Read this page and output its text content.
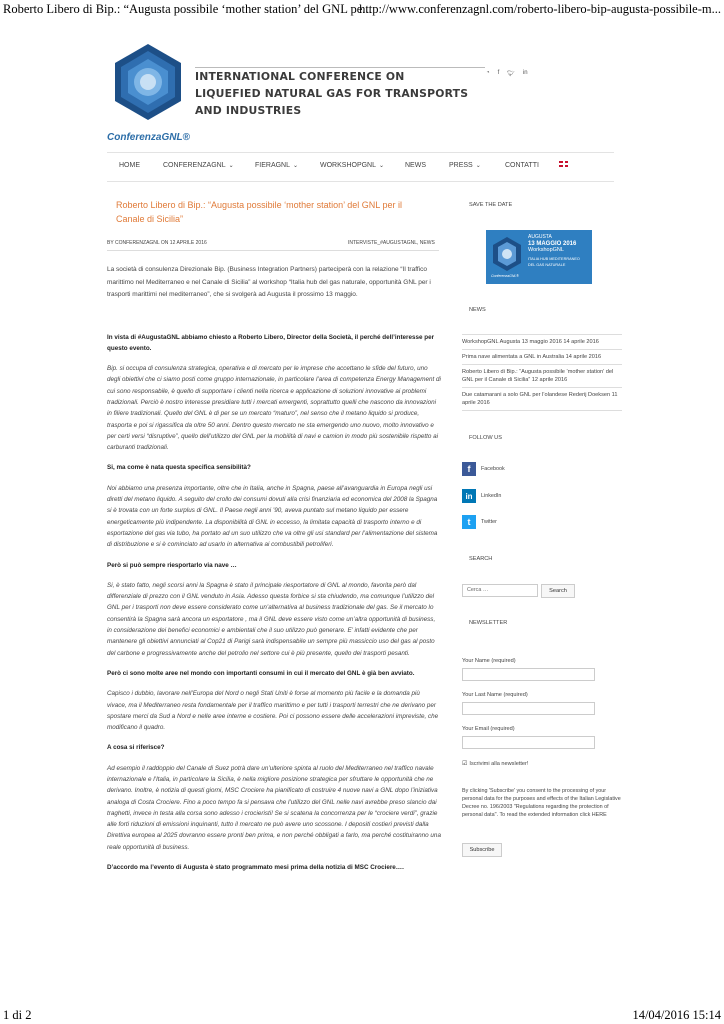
Roberto Libero di Bip.: “Augusta possibile ‘mother station’ del GNL pe...
http://www.conferenzagnl.com/roberto-libero-bip-augusta-possibile-m...
ConferenzaGNL®
INTERNATIONAL CONFERENCE ON
LIQUEFIED NATURAL GAS FOR TRANSPORTS AND INDUSTRIES
◔ f 🐦︎ in
HOME	CONFERENZAGNL ⌄	FIERAGNL ⌄	WORKSHOPGNL ⌄	NEWS	PRESS ⌄	CONTATTI
Roberto Libero di Bip.: “Augusta possibile ‘mother station’ del GNL per il Canale di Sicilia”
BY CONFERENZAGNL ON 12 APRILE 2016	INTERVISTE_#AUGUSTAGNL, NEWS

La società di consulenza Direzionale Bip. (Business Integration Partners) parteciperà con la relazione “Il traffico marittimo nel Mediterraneo e nel Canale di Sicilia” al workshop “Italia hub del gas naturale, opportunità GNL per i trasporti marittimi nel mediterraneo”, che si svolgerà ad Augusta il prossimo 13 maggio.

In vista di #AugustaGNL abbiamo chiesto a Roberto Libero, Director della Società, il perché dell’interesse per questo evento.

Bip. si occupa di consulenza strategica, operativa e di mercato per le imprese che accettano le sfide del futuro, uno degli obiettivi che ci siamo posti come gruppo internazionale, in particolare l’area di competenza Energy Management di cui sono responsabile, è quello di supportare i clienti nella ricerca e applicazione di soluzioni innovative ai problemi tradizionali. Perciò è nostro interesse presidiare tutti i mercati emergenti, soprattutto quelli che nascono da innovazioni in filiere tradizionali. Quello del GNL è di per se un mercato “maturo”, nel senso che il metano liquido si produce, trasporta e poi si rigassifica da oltre 50 anni. Dentro questo mercato ne sta emergendo uno nuovo, molto innovativo e per certi versi “disruptive”, quello dell’utilizzo del GNL per la mobilità di navi e camion in modo più sostenibile rispetto ai carburanti tradizionali.

Si, ma come è nata questa specifica sensibilità?

Noi abbiamo una presenza importante, oltre che in Italia, anche in Spagna, paese all’avanguardia in Europa negli usi diretti del metano liquido. A seguito del crollo dei consumi dovuti alla crisi finanziaria ed economica del 2008 la Spagna si è trovata con un forte surplus di GNL. Il Paese negli anni ’90, aveva puntato sul metano liquido per essere energeticamente più indipendente. La disponibilità di GNL in eccesso, la limitata capacità di trasporto interno e di esportazione del gas via tubo, ha portato ad un suo utilizzo che va oltre gli usi standard per l’alimentazione del sistema di distribuzione e si è cominciato ad usarlo in alternativa ai combustibili petroliferi.

Però si può sempre riesportarlo via nave …

Si, è stato fatto, negli scorsi anni la Spagna è stato il principale riesportatore di GNL al mondo, favorita però dal differenziale di prezzo con il GNL venduto in Asia. Adesso questa forbice si sta chiudendo, ma comunque l’utilizzo del GNL per i trasporti non deve essere considerato come un’alternativa al business tradizionale del gas. Se il mercato lo consentirà la Spagna sarà ancora un esportatore , ma il GNL deve essere visto come un’altra opportunità di business, in considerazione dei benefici economici e ambientali che il suo utilizzo può generare. E’ infatti evidente che per mantenere gli obiettivi annunciati al Cop21 di Parigi sarà indispensabile un sempre più massiccio uso del gas al posto del carbone e progressivamente anche del petrolio nel settore cui è più presente, quello dei trasporti pesanti.

Però ci sono molte aree nel mondo con importanti consumi in cui il mercato del GNL è già ben avviato.

Capisco i dubbio, lavorare nell’Europa del Nord o negli Stati Uniti è forse al momento più facile e la domanda più vivace, ma il Mediterraneo resta fondamentale per il traffico marittimo e per tutti i trasporti terrestri che ne derivano per spostare merci da Sud a Nord e nelle aree interne e costiere. Poi ci possono essere delle accelerazioni impreviste, che modificano il quadro.

A cosa si riferisce?

Ad esempio il raddoppio del Canale di Suez potrà dare un’ulteriore spinta al ruolo del Mediterraneo nel traffico navale internazionale e l’Italia, in particolare la Sicilia, è nella migliore posizione strategica per sfruttare le opportunità che ne derivano. Inoltre, è notizia di questi giorni, MSC Crociere ha pianificato di costruire 4 nuove navi a GNL dopo l’iniziativa analoga di Costa Crociere. Fino a poco tempo fa si pensava che l’utilizzo del GNL nelle navi avrebbe preso slancio dai traghetti, invece in testa alla corsa sono adesso i crocieristi! Se si scatena la concorrenza per le “crociere verdi”, grazie alle forti riduzioni di emissioni inquinanti, tutto il mercato ne può avere uno scossone. I depositi costieri previsti dalla Direttiva europea al 2025 dovranno essere pronti ben prima, e non perché obbligati a farlo, ma perché costituiranno una reale opportunità di business.

D’accordo ma l’evento di Augusta è stato programmato mesi prima della notizia di MSC Crociere….

SAVE THE DATE
AUGUSTA
13 MAGGIO 2016
WorkshopGNL
ITALIA HUB MEDITERRANEO
DEL GAS NATURALE
ConferenzaGNL®
NEWS
WorkshopGNL Augusta 13 maggio 2016 14 aprile 2016
Prima nave alimentata a GNL in Australia 14 aprile 2016
Roberto Libero di Bip.: “Augusta possibile ‘mother station’ del GNL per il Canale di Sicilia” 12 aprile 2016
Due catamarani a solo GNL per l’olandese Rederij Doeksen 11 aprile 2016
FOLLOW US
f	Facebook
in	LinkedIn
t	Twitter
SEARCH
Cerca …	Search
NEWSLETTER
Your Name (required)
Your Last Name (required)
Your Email (required)
☑ Iscrivimi alla newsletter!
By clicking 'Subscribe' you consent to the processing of your personal data for the purposes and effects of the Italian Legislative Decree no. 196/2003 "Regulations regarding the protection of personal data". To read the extended information click HERE
Subscribe
1 di 2	14/04/2016 15:14
